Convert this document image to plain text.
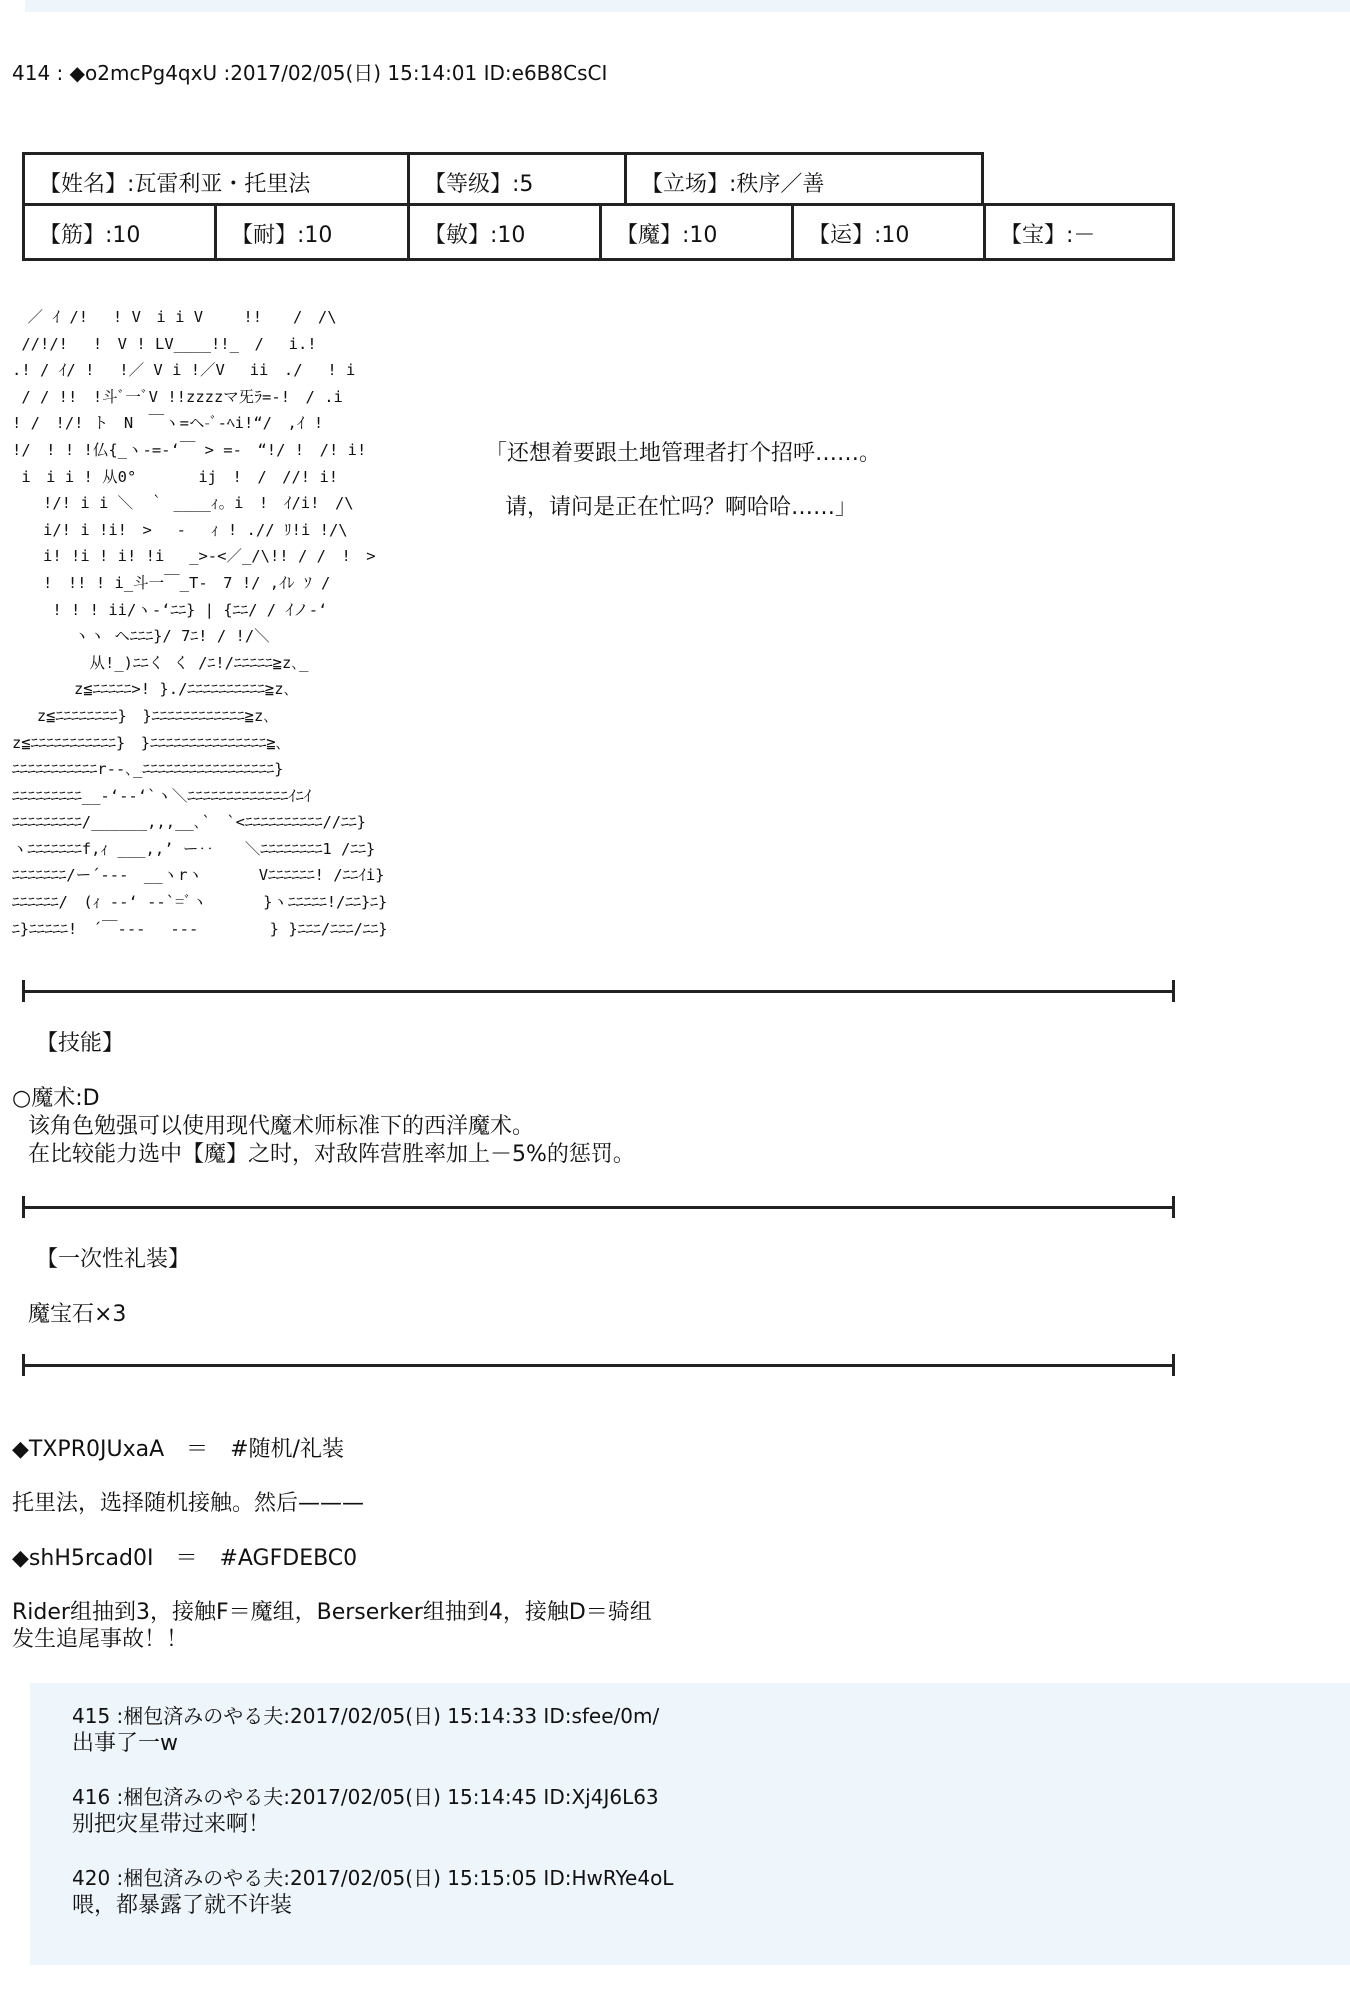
414 : ◆o2mcPg4qxU :2017/02/05(日) 15:14:01 ID:e6B8CsCI
【姓名】:瓦雷利亚・托里法	【等级】:5	【立场】:秩序／善
【筋】:10	【耐】:10	【敏】:10	【魔】:10	【运】:10	【宝】:－
　／ ｲ /!　 ! V　i i V　　 !!　　/　/\
//!/!　 !　V ! LV____!!_　/　 i.!
.! / ｲ/ !　 !／ V i !／V　 ii　./　 ! i
/ / !!　!斗ﾞ一ﾞV !!zzzzマ旡ﾗ=-!　/ .i
! /　!/! ト　N　￣ヽ=ヘ-ﾞ-ﾍi!“/　,ｲ !
!/　! ! !仏{_ヽ-=-‘￣ > =-　“!/ !　/! i!
i　i i ! 从0°　　　　ij　!　/　//! i!
　　!/! i i ＼　｀ ____ｨ。i　!　ｲ/i!　/\
　　i/! i !i!　>　 ‐ 　ｨ ! .// ﾘ!i !/\
　　i! !i ! i! !i　 _>-<／_/\!! / /　!　>
　　!　!! ! i_斗一￣_T-　7 !/ ,ｲﾚ ｿ /
　　 ! ! ! ii/ヽ-‘ﾆﾆ} | {ﾆﾆ/ / ｲノ-‘
　　　　ヽヽ ヘﾆﾆﾆ}/ 7ﾆ! / !/＼
　　　　　从!_)ﾆﾆく く /ﾆ!/ﾆﾆﾆﾆﾆ≧z､_
　　　　z≦ﾆﾆﾆﾆﾆ>! }./ﾆﾆﾆﾆﾆﾆﾆﾆﾆﾆ≧z､
　 z≦ﾆﾆﾆﾆﾆﾆﾆﾆ}　}ﾆﾆﾆﾆﾆﾆﾆﾆﾆﾆﾆﾆ≧z､
z≦ﾆﾆﾆﾆﾆﾆﾆﾆﾆﾆﾆ}　}ﾆﾆﾆﾆﾆﾆﾆﾆﾆﾆﾆﾆﾆﾆﾆ≧､
ﾆﾆﾆﾆﾆﾆﾆﾆﾆﾆﾆr--､_ﾆﾆﾆﾆﾆﾆﾆﾆﾆﾆﾆﾆﾆﾆﾆﾆﾆ}
ﾆﾆﾆﾆﾆﾆﾆﾆﾆ__-‘--‘`ヽ＼ﾆﾆﾆﾆﾆﾆﾆﾆﾆﾆﾆﾆﾆｲﾆｲ
ﾆﾆﾆﾆﾆﾆﾆﾆﾆ/______,,,__､`　`<ﾆﾆﾆﾆﾆﾆﾆﾆﾆﾆ//ﾆﾆ}
ヽﾆﾆﾆﾆﾆﾆﾆf,ｨ ___,,’ ー‥　　＼ﾆﾆﾆﾆﾆﾆﾆﾆ1 /ﾆﾆ}
ﾆﾆﾆﾆﾆﾆﾆ/ー´‐‐‐　__ヽrヽ　　　 Vﾆﾆﾆﾆﾆﾆ! /ﾆﾆｲi}
ﾆﾆﾆﾆﾆﾆ/　(ｨ --‘ ‐‐`=ﾞヽ　　　 }ヽﾆﾆﾆﾆﾆ!/ﾆﾆ}ﾆ}
ﾆ}ﾆﾆﾆﾆﾆ!　´￣‐‐‐　 ‐‐‐　　　　 } }ﾆﾆﾆ/ﾆﾆﾆ/ﾆﾆ}
「还想着要跟土地管理者打个招呼……。
请，请问是正在忙吗？啊哈哈……」
【技能】
○魔术:D
该角色勉强可以使用现代魔术师标准下的西洋魔术。
在比较能力选中【魔】之时，对敌阵营胜率加上－5%的惩罚。
【一次性礼装】
魔宝石×3
◆TXPR0JUxaA　＝　#随机/礼装
托里法，选择随机接触。然后———
◆shH5rcad0I　＝　#AGFDEBC0
Rider组抽到3，接触F＝魔组，Berserker组抽到4，接触D＝骑组
发生追尾事故！！
415 :梱包済みのやる夫:2017/02/05(日) 15:14:33 ID:sfee/0m/
出事了一w
416 :梱包済みのやる夫:2017/02/05(日) 15:14:45 ID:Xj4J6L63
别把灾星带过来啊！
420 :梱包済みのやる夫:2017/02/05(日) 15:15:05 ID:HwRYe4oL
喂，都暴露了就不许装
